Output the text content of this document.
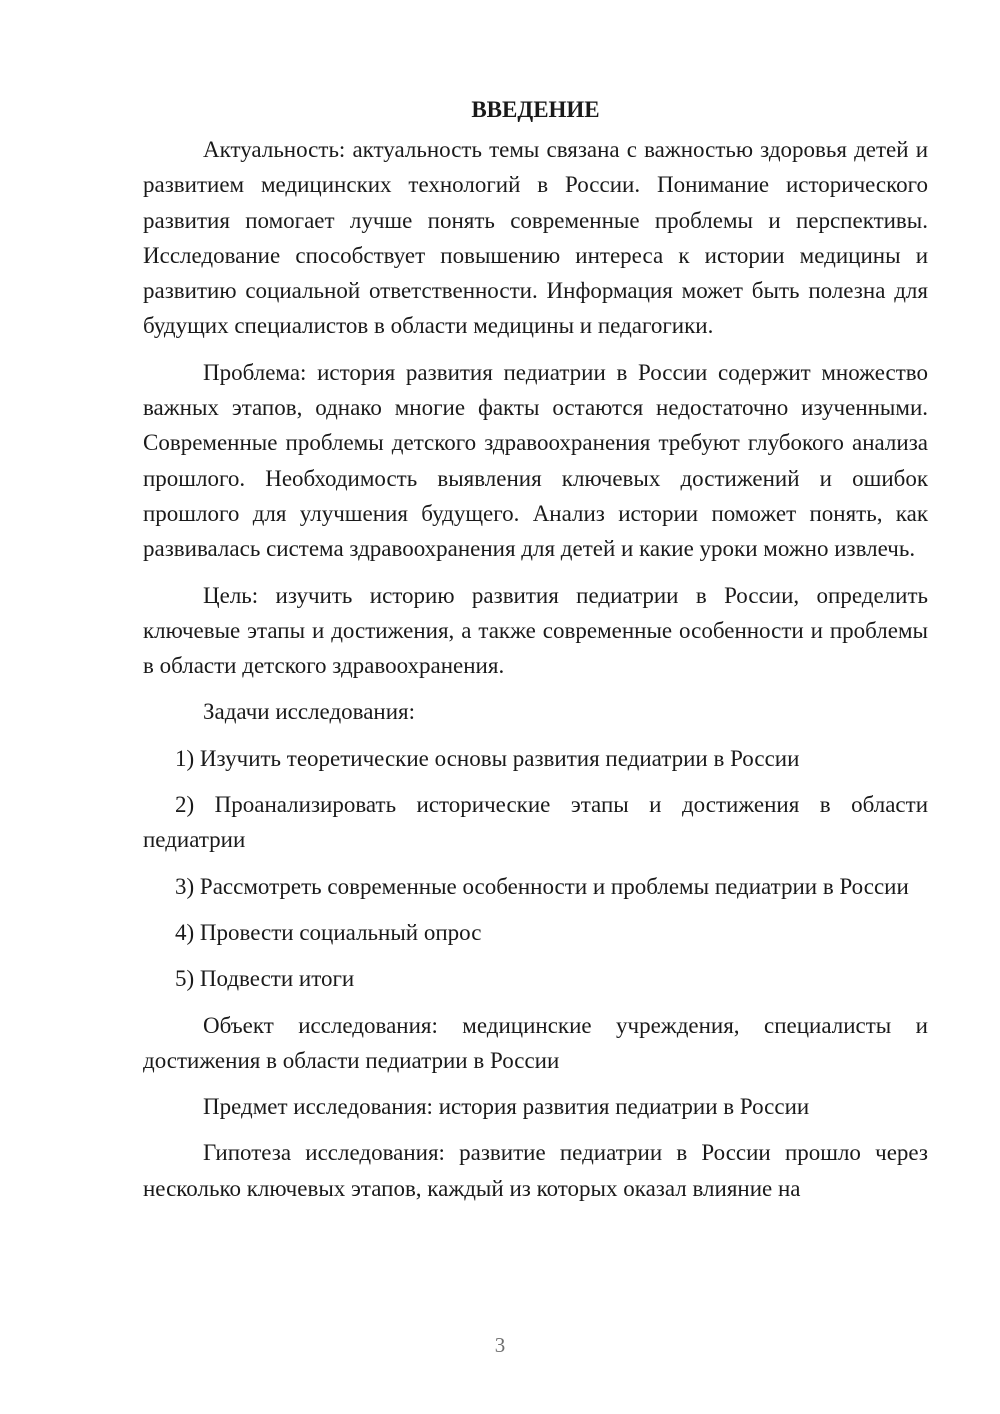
ВВЕДЕНИЕ

Актуальность: актуальность темы связана с важностью здоровья детей и развитием медицинских технологий в России. Понимание исторического развития помогает лучше понять современные проблемы и перспективы. Исследование способствует повышению интереса к истории медицины и развитию социальной ответственности. Информация может быть полезна для будущих специалистов в области медицины и педагогики.

Проблема: история развития педиатрии в России содержит множество важных этапов, однако многие факты остаются недостаточно изученными. Современные проблемы детского здравоохранения требуют глубокого анализа прошлого. Необходимость выявления ключевых достижений и ошибок прошлого для улучшения будущего. Анализ истории поможет понять, как развивалась система здравоохранения для детей и какие уроки можно извлечь.

Цель: изучить историю развития педиатрии в России, определить ключевые этапы и достижения, а также современные особенности и проблемы в области детского здравоохранения.

Задачи исследования:

1) Изучить теоретические основы развития педиатрии в России

2) Проанализировать исторические этапы и достижения в области педиатрии

3) Рассмотреть современные особенности и проблемы педиатрии в России

4) Провести социальный опрос

5) Подвести итоги

Объект исследования: медицинские учреждения, специалисты и достижения в области педиатрии в России

Предмет исследования: история развития педиатрии в России

Гипотеза исследования: развитие педиатрии в России прошло через несколько ключевых этапов, каждый из которых оказал влияние на

3
